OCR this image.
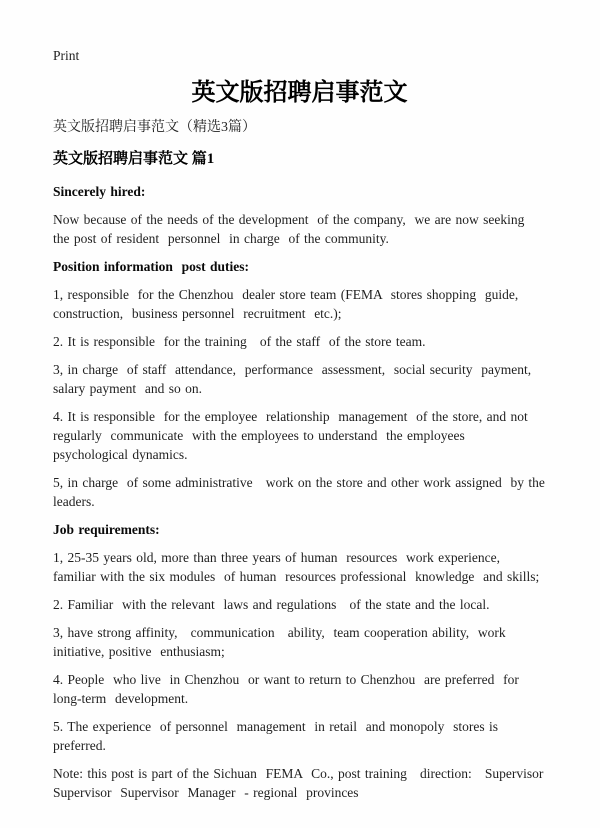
Print
英文版招聘启事范文

英文版招聘启事范文（精选3篇）

英文版招聘启事范文 篇1

Sincerely hired:

Now because of the needs of the development  of the company,  we are now seeking  the post of resident  personnel  in charge  of the community.

Position information  post duties:

1, responsible  for the Chenzhou  dealer store team (FEMA  stores shopping  guide, construction,  business personnel  recruitment  etc.);

2. It is responsible  for the training   of the staff  of the store team.

3, in charge  of staff  attendance,  performance  assessment,  social security  payment,  salary payment  and so on.

4. It is responsible  for the employee  relationship  management  of the store, and not regularly  communicate  with the employees to understand  the employees  psychological dynamics.

5, in charge  of some administrative   work on the store and other work assigned  by the leaders.

Job requirements:

1, 25-35 years old, more than three years of human  resources  work experience,  familiar with the six modules  of human  resources professional  knowledge  and skills;

2. Familiar  with the relevant  laws and regulations   of the state and the local.

3, have strong affinity,   communication   ability,  team cooperation ability,  work initiative, positive  enthusiasm;

4. People  who live  in Chenzhou  or want to return to Chenzhou  are preferred  for long-term  development.

5. The experience  of personnel  management  in retail  and monopoly  stores is preferred.

Note: this post is part of the Sichuan  FEMA  Co., post training   direction:   Supervisor Supervisor  Supervisor  Manager  - regional  provinces
